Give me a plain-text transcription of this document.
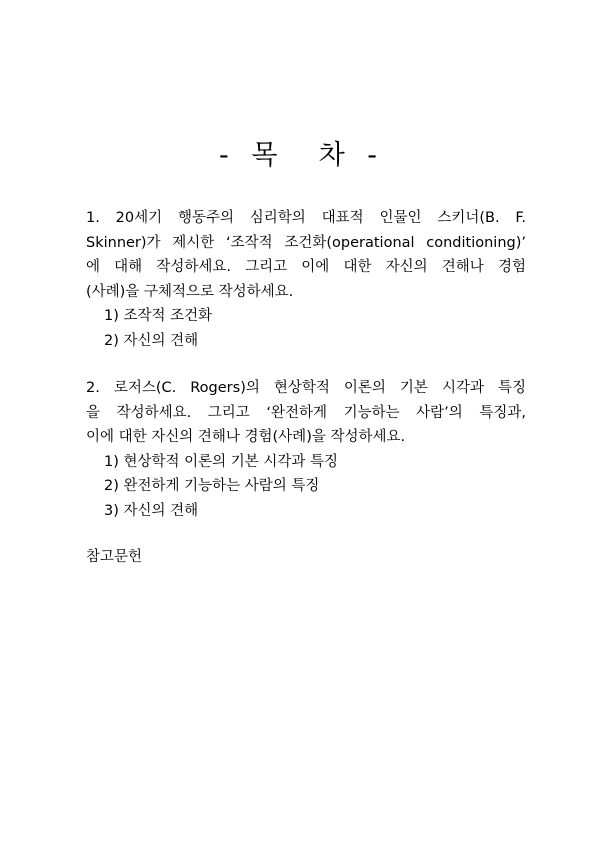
- 목  차 -

1. 20세기 행동주의 심리학의 대표적 인물인 스키너(B. F.
Skinner)가 제시한 ‘조작적 조건화(operational conditioning)’
에 대해 작성하세요. 그리고 이에 대한 자신의 견해나 경험
(사례)을 구체적으로 작성하세요.

1) 조작적 조건화

2) 자신의 견해

2. 로저스(C. Rogers)의 현상학적 이론의 기본 시각과 특징
을 작성하세요. 그리고 ‘완전하게 기능하는 사람’의 특징과,
이에 대한 자신의 견해나 경험(사례)을 작성하세요.

1) 현상학적 이론의 기본 시각과 특징

2) 완전하게 기능하는 사람의 특징

3) 자신의 견해

참고문헌
